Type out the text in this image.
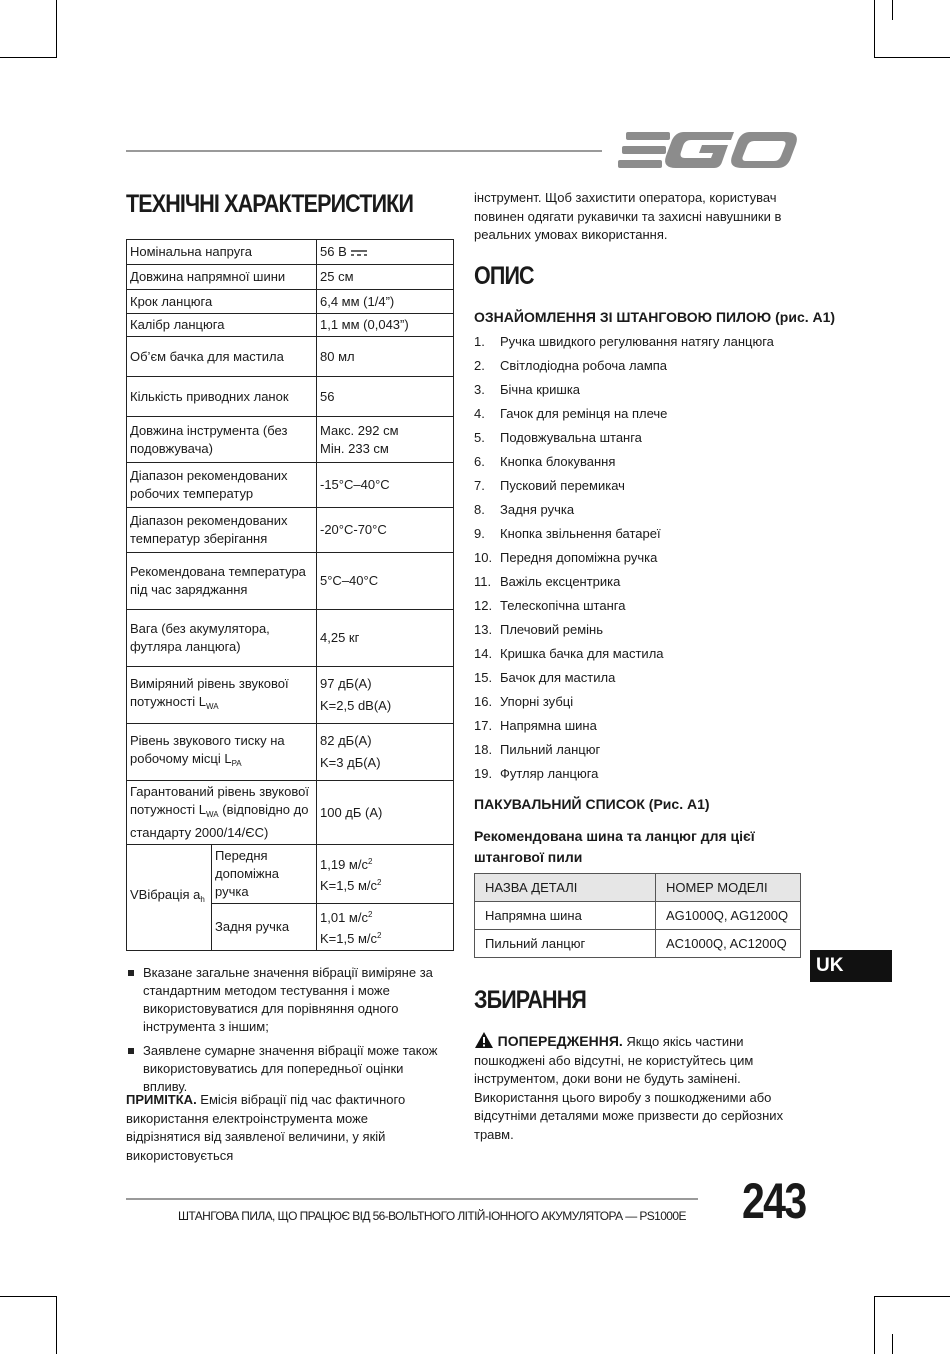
ТЕХНІЧНІ ХАРАКТЕРИСТИКИ
Номінальна напруга		56 В
Довжина напрямної шини		25 см
Крок ланцюга		6,4 мм (1/4”)
Калібр ланцюга		1,1 мм (0,043”)
Об’єм бачка для мастила		80 мл
Кількість приводних ланок		56
Довжина інструмента (без подовжувача)		Макс. 292 см
Мін. 233 см

Діапазон рекомендованих робочих температур		-15°C–40°C
Діапазон рекомендованих температур зберігання		-20°C-70°C
Рекомендована температура під час заряджання		5°C–40°C
Вага (без акумулятора, футляра ланцюга)		4,25 кг
Виміряний рівень звукової потужності $L_{WA}$		97 дБ(A)
K=2,5 dB(A)

Рівень звукового тиску на робочому місці $L_{PA}$		82 дБ(A)
K=3 дБ(A)

Гарантований рівень звукової потужності $L_{WA}$ (відповідно до стандарту 2000/14/ЄС)		100 дБ (A)
VВібрація $a_h$	Передня допоміжна ручка	1,19 $м/с^2$
K=1,5 $м/с^2$

	Задня ручка	1,01 $м/с^2$
K=1,5 $м/с^2$
Вказане загальне значення вібрації виміряне за стандартним методом тестування і може використовуватися для порівняння одного інструмента з іншим;
Заявлене сумарне значення вібрації може також використовуватись для попередньої оцінки впливу.
ПРИМІТКА. Емісія вібрації під час фактичного використання електроінструмента може відрізнятися від заявленої величини, у якій використовується
інструмент. Щоб захистити оператора, користувач повинен одягати рукавички та захисні навушники в реальних умовах використання.
ОПИС
ОЗНАЙОМЛЕННЯ ЗІ ШТАНГОВОЮ ПИЛОЮ (рис. A1)
1. Ручка швидкого регулювання натягу ланцюга
2. Світлодіодна робоча лампа
3. Бічна кришка
4. Гачок для ремінця на плече
5. Подовжувальна штанга
6. Кнопка блокування
7. Пусковий перемикач
8. Задня ручка
9. Кнопка звільнення батареї
10. Передня допоміжна ручка
11. Важіль ексцентрика
12. Телескопічна штанга
13. Плечовий ремінь
14. Кришка бачка для мастила
15. Бачок для мастила
16. Упорні зубці
17. Напрямна шина
18. Пильний ланцюг
19. Футляр ланцюга
ПАКУВАЛЬНИЙ СПИСОК (Рис. A1)
Рекомендована шина та ланцюг для цієї
штангової пили
НАЗВА ДЕТАЛІ	НОМЕР МОДЕЛІ
Напрямна шина	AG1000Q, AG1200Q
Пильний ланцюг	AC1000Q, AC1200Q
UK
ЗБИРАННЯ
ПОПЕРЕДЖЕННЯ. Якщо якісь частини пошкоджені або відсутні, не користуйтесь цим інструментом, доки вони не будуть замінені. Використання цього виробу з пошкодженими або відсутніми деталями може призвести до серйозних травм.
ШТАНГОВА ПИЛА, ЩО ПРАЦЮЄ ВІД 56-ВОЛЬТНОГО ЛІТІЙ-ІОННОГО АКУМУЛЯТОРА — PS1000E 243
